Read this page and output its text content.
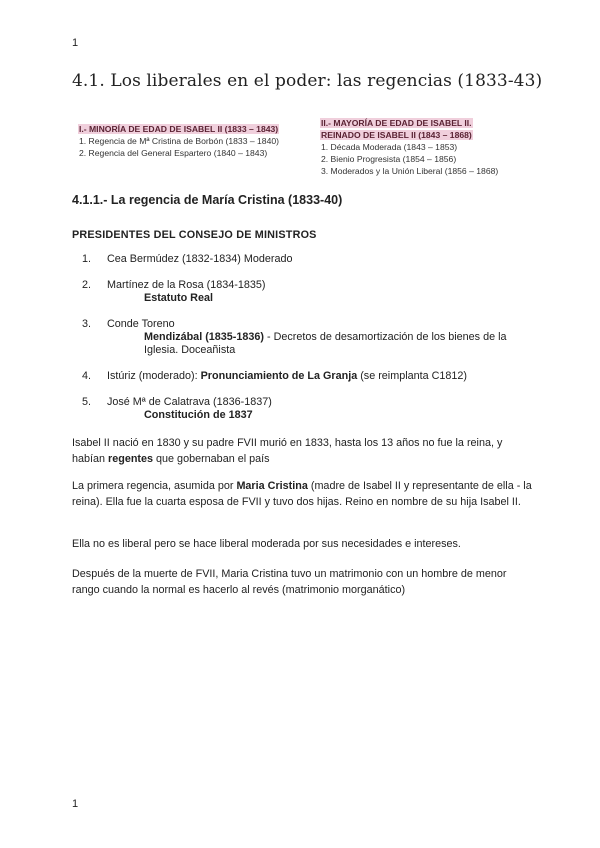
1
4.1. Los liberales en el poder: las regencias (1833-43)
I.- MINORÍA DE EDAD DE ISABEL II (1833 – 1843)
1. Regencia de Mª Cristina de Borbón (1833 – 1840)
2. Regencia del General Espartero (1840 – 1843)
II.- MAYORÍA DE EDAD DE ISABEL II.
REINADO DE ISABEL II (1843 – 1868)
1. Década Moderada (1843 – 1853)
2. Bienio Progresista (1854 – 1856)
3. Moderados y la Unión Liberal (1856 – 1868)
4.1.1.- La regencia de María Cristina (1833-40)
PRESIDENTES DEL CONSEJO DE MINISTROS
1. Cea Bermúdez (1832-1834) Moderado
2. Martínez de la Rosa (1834-1835)
Estatuto Real
3. Conde Toreno
Mendizábal (1835-1836) - Decretos de desamortización de los bienes de la Iglesia. Doceañista
4. Istúriz (moderado): Pronunciamiento de La Granja (se reimplanta C1812)
5. José Mª de Calatrava (1836-1837)
Constitución de 1837

Isabel II nació en 1830 y su padre FVII murió en 1833, hasta los 13 años no fue la reina, y habían regentes que gobernaban el país

La primera regencia, asumida por Maria Cristina (madre de Isabel II y representante de ella - la reina). Ella fue la cuarta esposa de FVII y tuvo dos hijas. Reino en nombre de su hija Isabel II.

Ella no es liberal pero se hace liberal moderada por sus necesidades e intereses.

Después de la muerte de FVII, Maria Cristina tuvo un matrimonio con un hombre de menor rango cuando la normal es hacerlo al revés (matrimonio morganático)

1
